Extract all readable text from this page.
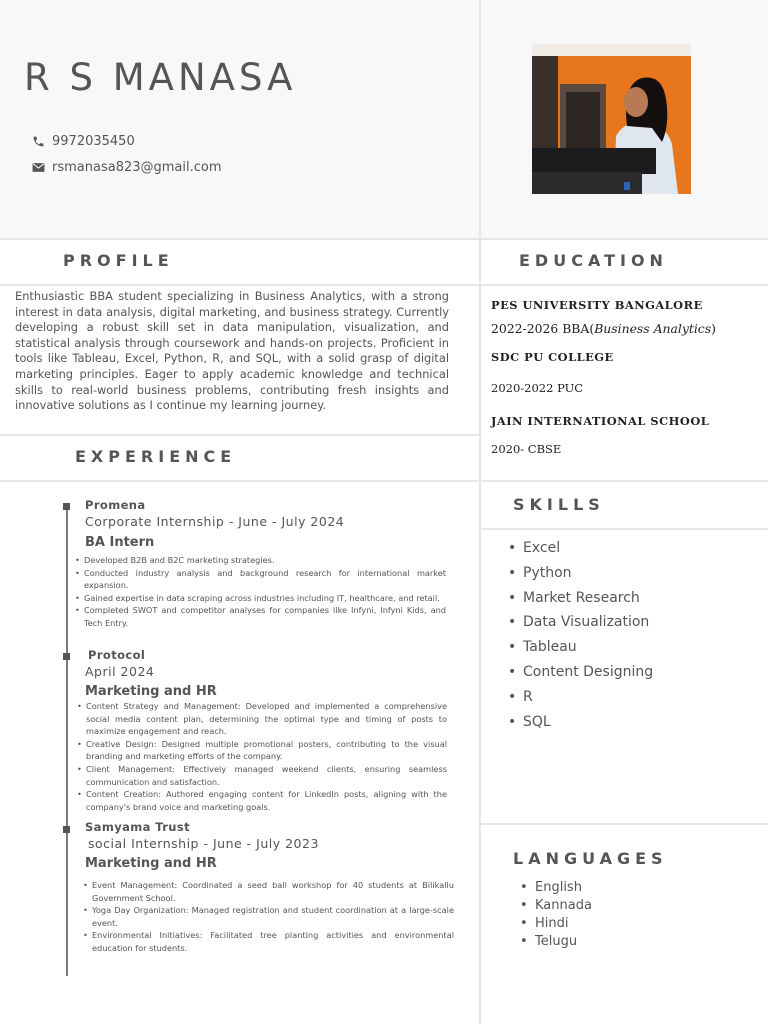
R S MANASA
9972035450
rsmanasa823@gmail.com
PROFILE	EDUCATION
EXPERIENCE
SKILLS
LANGUAGES

Enthusiastic BBA student specializing in Business Analytics, with a strong interest in data analysis, digital marketing, and business strategy. Currently developing a robust skill set in data manipulation, visualization, and statistical analysis through coursework and hands-on projects. Proficient in tools like Tableau, Excel, Python, R, and SQL, with a solid grasp of digital marketing principles. Eager to apply academic knowledge and technical skills to real-world business problems, contributing fresh insights and innovative solutions as I continue my learning journey.

PES UNIVERSITY BANGALORE
2022-2026 BBA(Business Analytics)
SDC PU COLLEGE
2020-2022 PUC
JAIN INTERNATIONAL SCHOOL
2020- CBSE
Promena
Corporate Internship - June - July 2024
BA Intern
• Developed B2B and B2C marketing strategies.
• Conducted industry analysis and background research for international market expansion.
• Gained expertise in data scraping across industries including IT, healthcare, and retail.
• Completed SWOT and competitor analyses for companies like Infyni, Infyni Kids, and Tech Entry.
Protocol
April 2024
Marketing and HR
• Content Strategy and Management: Developed and implemented a comprehensive social media content plan, determining the optimal type and timing of posts to maximize engagement and reach.
• Creative Design: Designed multiple promotional posters, contributing to the visual branding and marketing efforts of the company.
• Client Management: Effectively managed weekend clients, ensuring seamless communication and satisfaction.
• Content Creation: Authored engaging content for LinkedIn posts, aligning with the company's brand voice and marketing goals.
Samyama Trust
social Internship - June - July 2023
Marketing and HR
• Event Management: Coordinated a seed ball workshop for 40 students at Bilikallu Government School.
• Yoga Day Organization: Managed registration and student coordination at a large-scale event.
• Environmental Initiatives: Facilitated tree planting activities and environmental education for students.
• Excel
• Python
• Market Research
• Data Visualization
• Tableau
• Content Designing
• R
• SQL
• English
• Kannada
• Hindi
• Telugu
